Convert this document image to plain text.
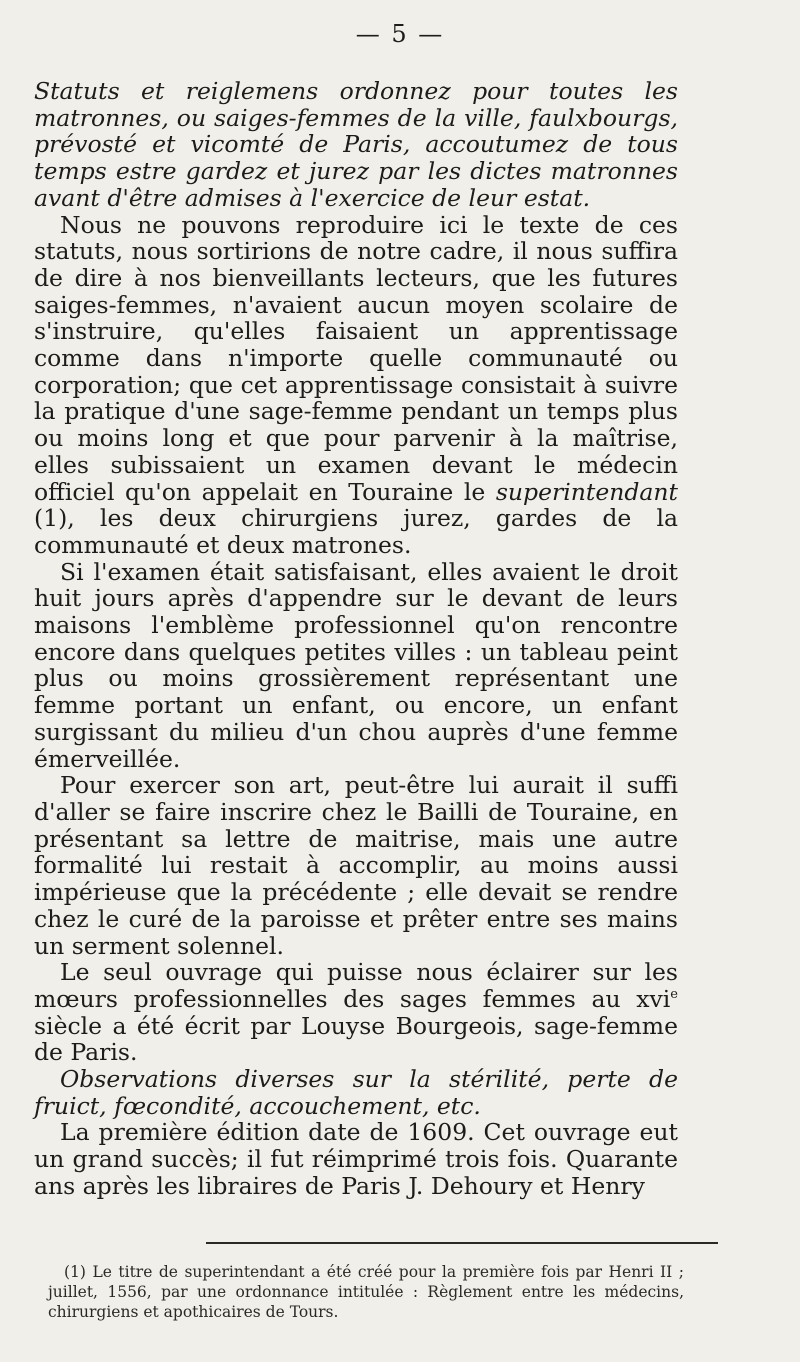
— 5 —

Statuts et reiglemens ordonnez pour toutes les matronnes, ou saiges-femmes de la ville, faulxbourgs, prévosté et vicomté de Paris, accoutumez de tous temps estre gardez et jurez par les dictes matronnes avant d'être admises à l'exercice de leur estat.

Nous ne pouvons reproduire ici le texte de ces statuts, nous sortirions de notre cadre, il nous suffira de dire à nos bienveillants lecteurs, que les futures saiges-femmes, n'avaient aucun moyen scolaire de s'instruire, qu'elles faisaient un apprentissage comme dans n'importe quelle communauté ou corporation; que cet apprentissage consistait à suivre la pratique d'une sage-femme pendant un temps plus ou moins long et que pour parvenir à la maîtrise, elles subissaient un examen devant le médecin officiel qu'on appelait en Touraine le superintendant (1), les deux chirurgiens jurez, gardes de la communauté et deux matrones.

Si l'examen était satisfaisant, elles avaient le droit huit jours après d'appendre sur le devant de leurs maisons l'emblème professionnel qu'on rencontre encore dans quelques petites villes : un tableau peint plus ou moins grossièrement représentant une femme portant un enfant, ou encore, un enfant surgissant du milieu d'un chou auprès d'une femme émerveillée.

Pour exercer son art, peut-être lui aurait il suffi d'aller se faire inscrire chez le Bailli de Touraine, en présentant sa lettre de maitrise, mais une autre formalité lui restait à accomplir, au moins aussi impérieuse que la précédente ; elle devait se rendre chez le curé de la paroisse et prêter entre ses mains un serment solennel.

Le seul ouvrage qui puisse nous éclairer sur les mœurs professionnelles des sages femmes au xvi$^e$ siècle a été écrit par Louyse Bourgeois, sage-femme de Paris.

Observations diverses sur la stérilité, perte de fruict, fœcondité, accouchement, etc.

La première édition date de 1609. Cet ouvrage eut un grand succès; il fut réimprimé trois fois. Quarante ans après les libraires de Paris J. Dehoury et Henry

(1) Le titre de superintendant a été créé pour la première fois par Henri II ; juillet, 1556, par une ordonnance intitulée : Règlement entre les médecins, chirurgiens et apothicaires de Tours.
